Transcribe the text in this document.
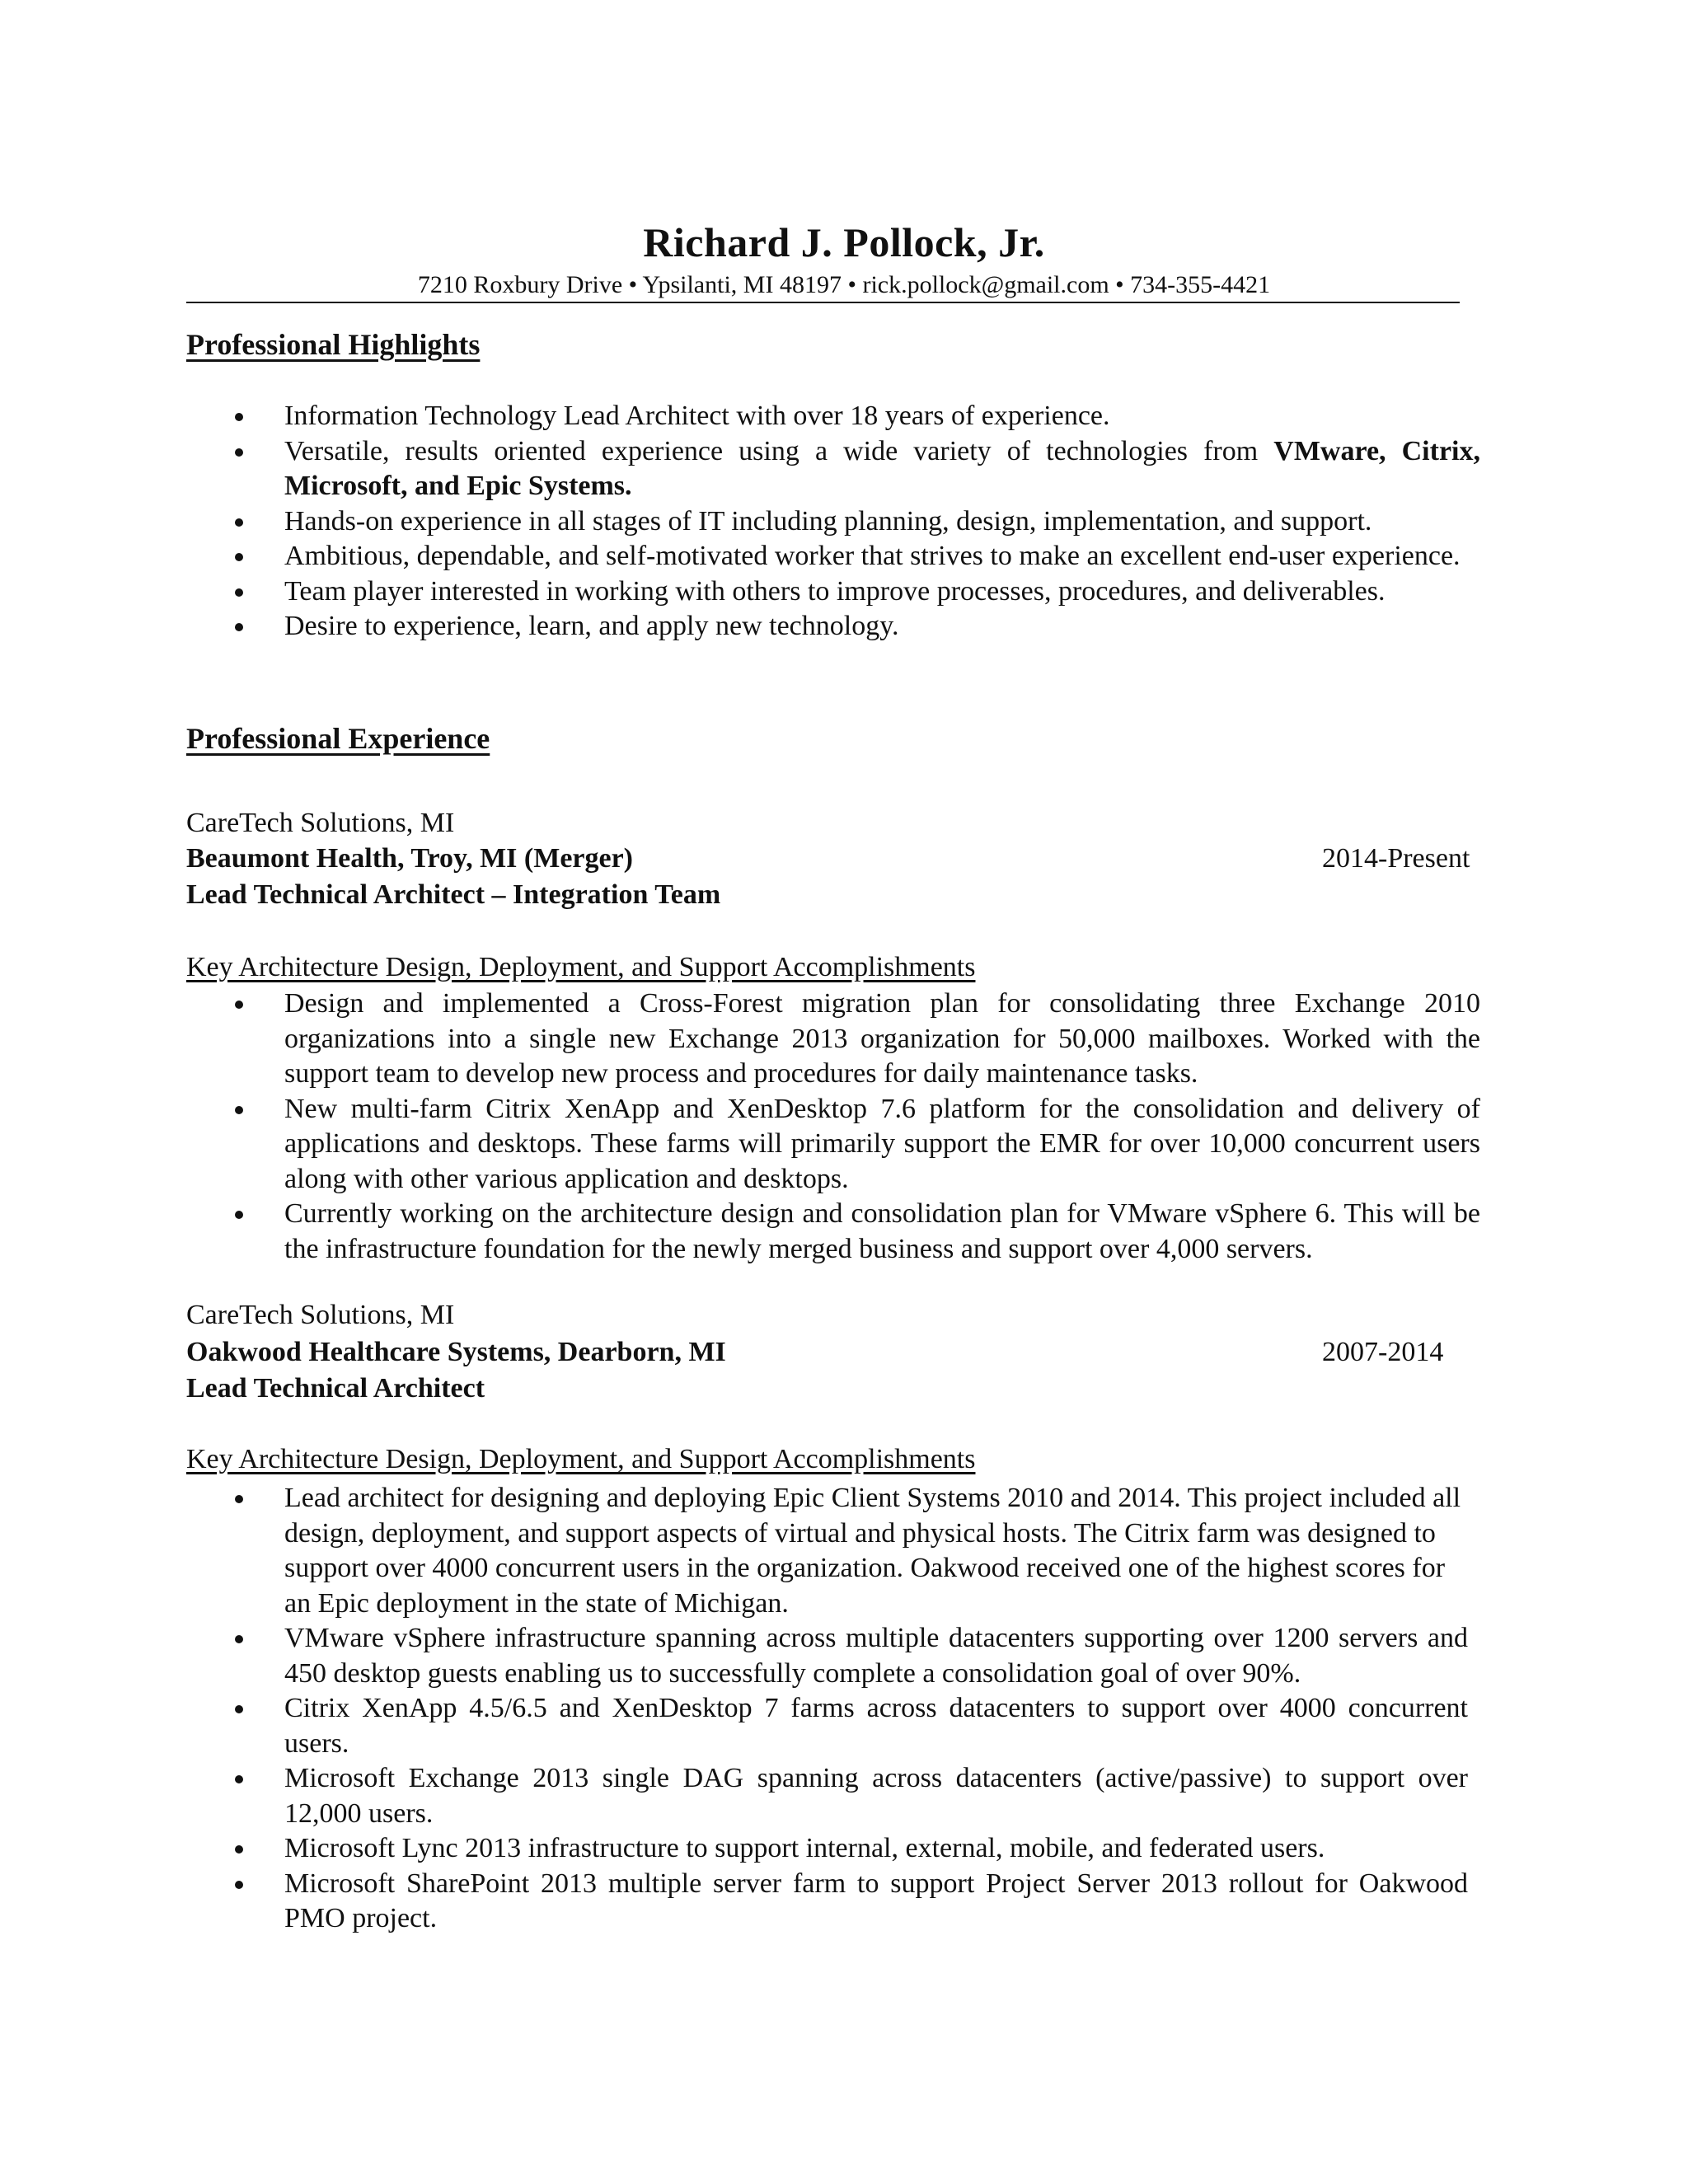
Richard J. Pollock, Jr.
7210 Roxbury Drive • Ypsilanti, MI 48197 • rick.pollock@gmail.com • 734-355-4421
Professional Highlights
Information Technology Lead Architect with over 18 years of experience.
Versatile, results oriented experience using a wide variety of technologies from VMware, Citrix, Microsoft, and Epic Systems.
Hands-on experience in all stages of IT including planning, design, implementation, and support.
Ambitious, dependable, and self-motivated worker that strives to make an excellent end-user experience.
Team player interested in working with others to improve processes, procedures, and deliverables.
Desire to experience, learn, and apply new technology.
Professional Experience
CareTech Solutions, MI
Beaumont Health, Troy, MI (Merger)	2014-Present
Lead Technical Architect – Integration Team
Key Architecture Design, Deployment, and Support Accomplishments
Design and implemented a Cross-Forest migration plan for consolidating three Exchange 2010 organizations into a single new Exchange 2013 organization for 50,000 mailboxes. Worked with the support team to develop new process and procedures for daily maintenance tasks.
New multi-farm Citrix XenApp and XenDesktop 7.6 platform for the consolidation and delivery of applications and desktops. These farms will primarily support the EMR for over 10,000 concurrent users along with other various application and desktops.
Currently working on the architecture design and consolidation plan for VMware vSphere 6. This will be the infrastructure foundation for the newly merged business and support over 4,000 servers.
CareTech Solutions, MI
Oakwood Healthcare Systems, Dearborn, MI	2007-2014
Lead Technical Architect
Key Architecture Design, Deployment, and Support Accomplishments
Lead architect for designing and deploying Epic Client Systems 2010 and 2014. This project included all design, deployment, and support aspects of virtual and physical hosts. The Citrix farm was designed to support over 4000 concurrent users in the organization. Oakwood received one of the highest scores for an Epic deployment in the state of Michigan.
VMware vSphere infrastructure spanning across multiple datacenters supporting over 1200 servers and 450 desktop guests enabling us to successfully complete a consolidation goal of over 90%.
Citrix XenApp 4.5/6.5 and XenDesktop 7 farms across datacenters to support over 4000 concurrent users.
Microsoft Exchange 2013 single DAG spanning across datacenters (active/passive) to support over 12,000 users.
Microsoft Lync 2013 infrastructure to support internal, external, mobile, and federated users.
Microsoft SharePoint 2013 multiple server farm to support Project Server 2013 rollout for Oakwood PMO project.
